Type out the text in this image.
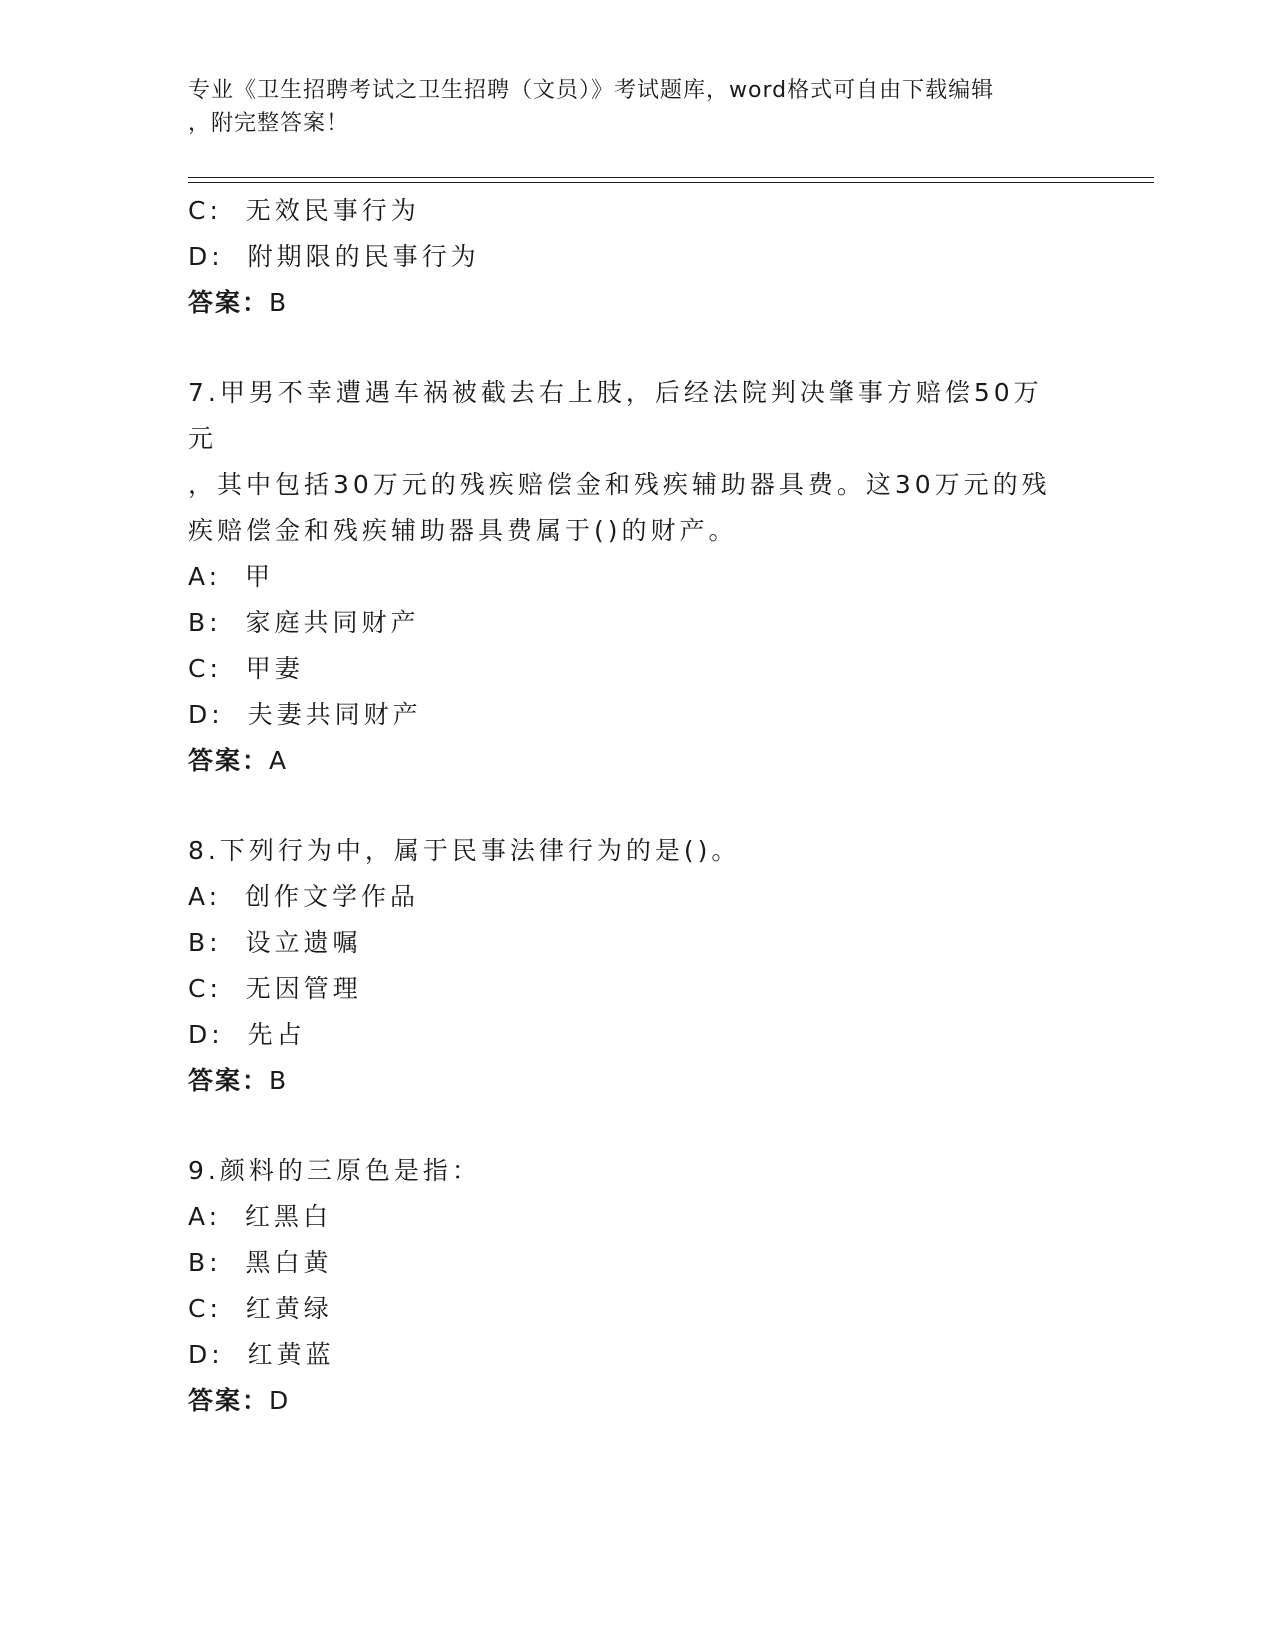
专业《卫生招聘考试之卫生招聘（文员）》考试题库，word格式可自由下载编辑
，附完整答案！
C:  无效民事行为
D:  附期限的民事行为
答案：B
7.甲男不幸遭遇车祸被截去右上肢，后经法院判决肇事方赔偿50万元
，其中包括30万元的残疾赔偿金和残疾辅助器具费。这30万元的残
疾赔偿金和残疾辅助器具费属于()的财产。
A:  甲
B:  家庭共同财产
C:  甲妻
D:  夫妻共同财产
答案：A
8.下列行为中，属于民事法律行为的是()。
A:  创作文学作品
B:  设立遗嘱
C:  无因管理
D:  先占
答案：B
9.颜料的三原色是指：
A:  红黑白
B:  黑白黄
C:  红黄绿
D:  红黄蓝
答案：D
